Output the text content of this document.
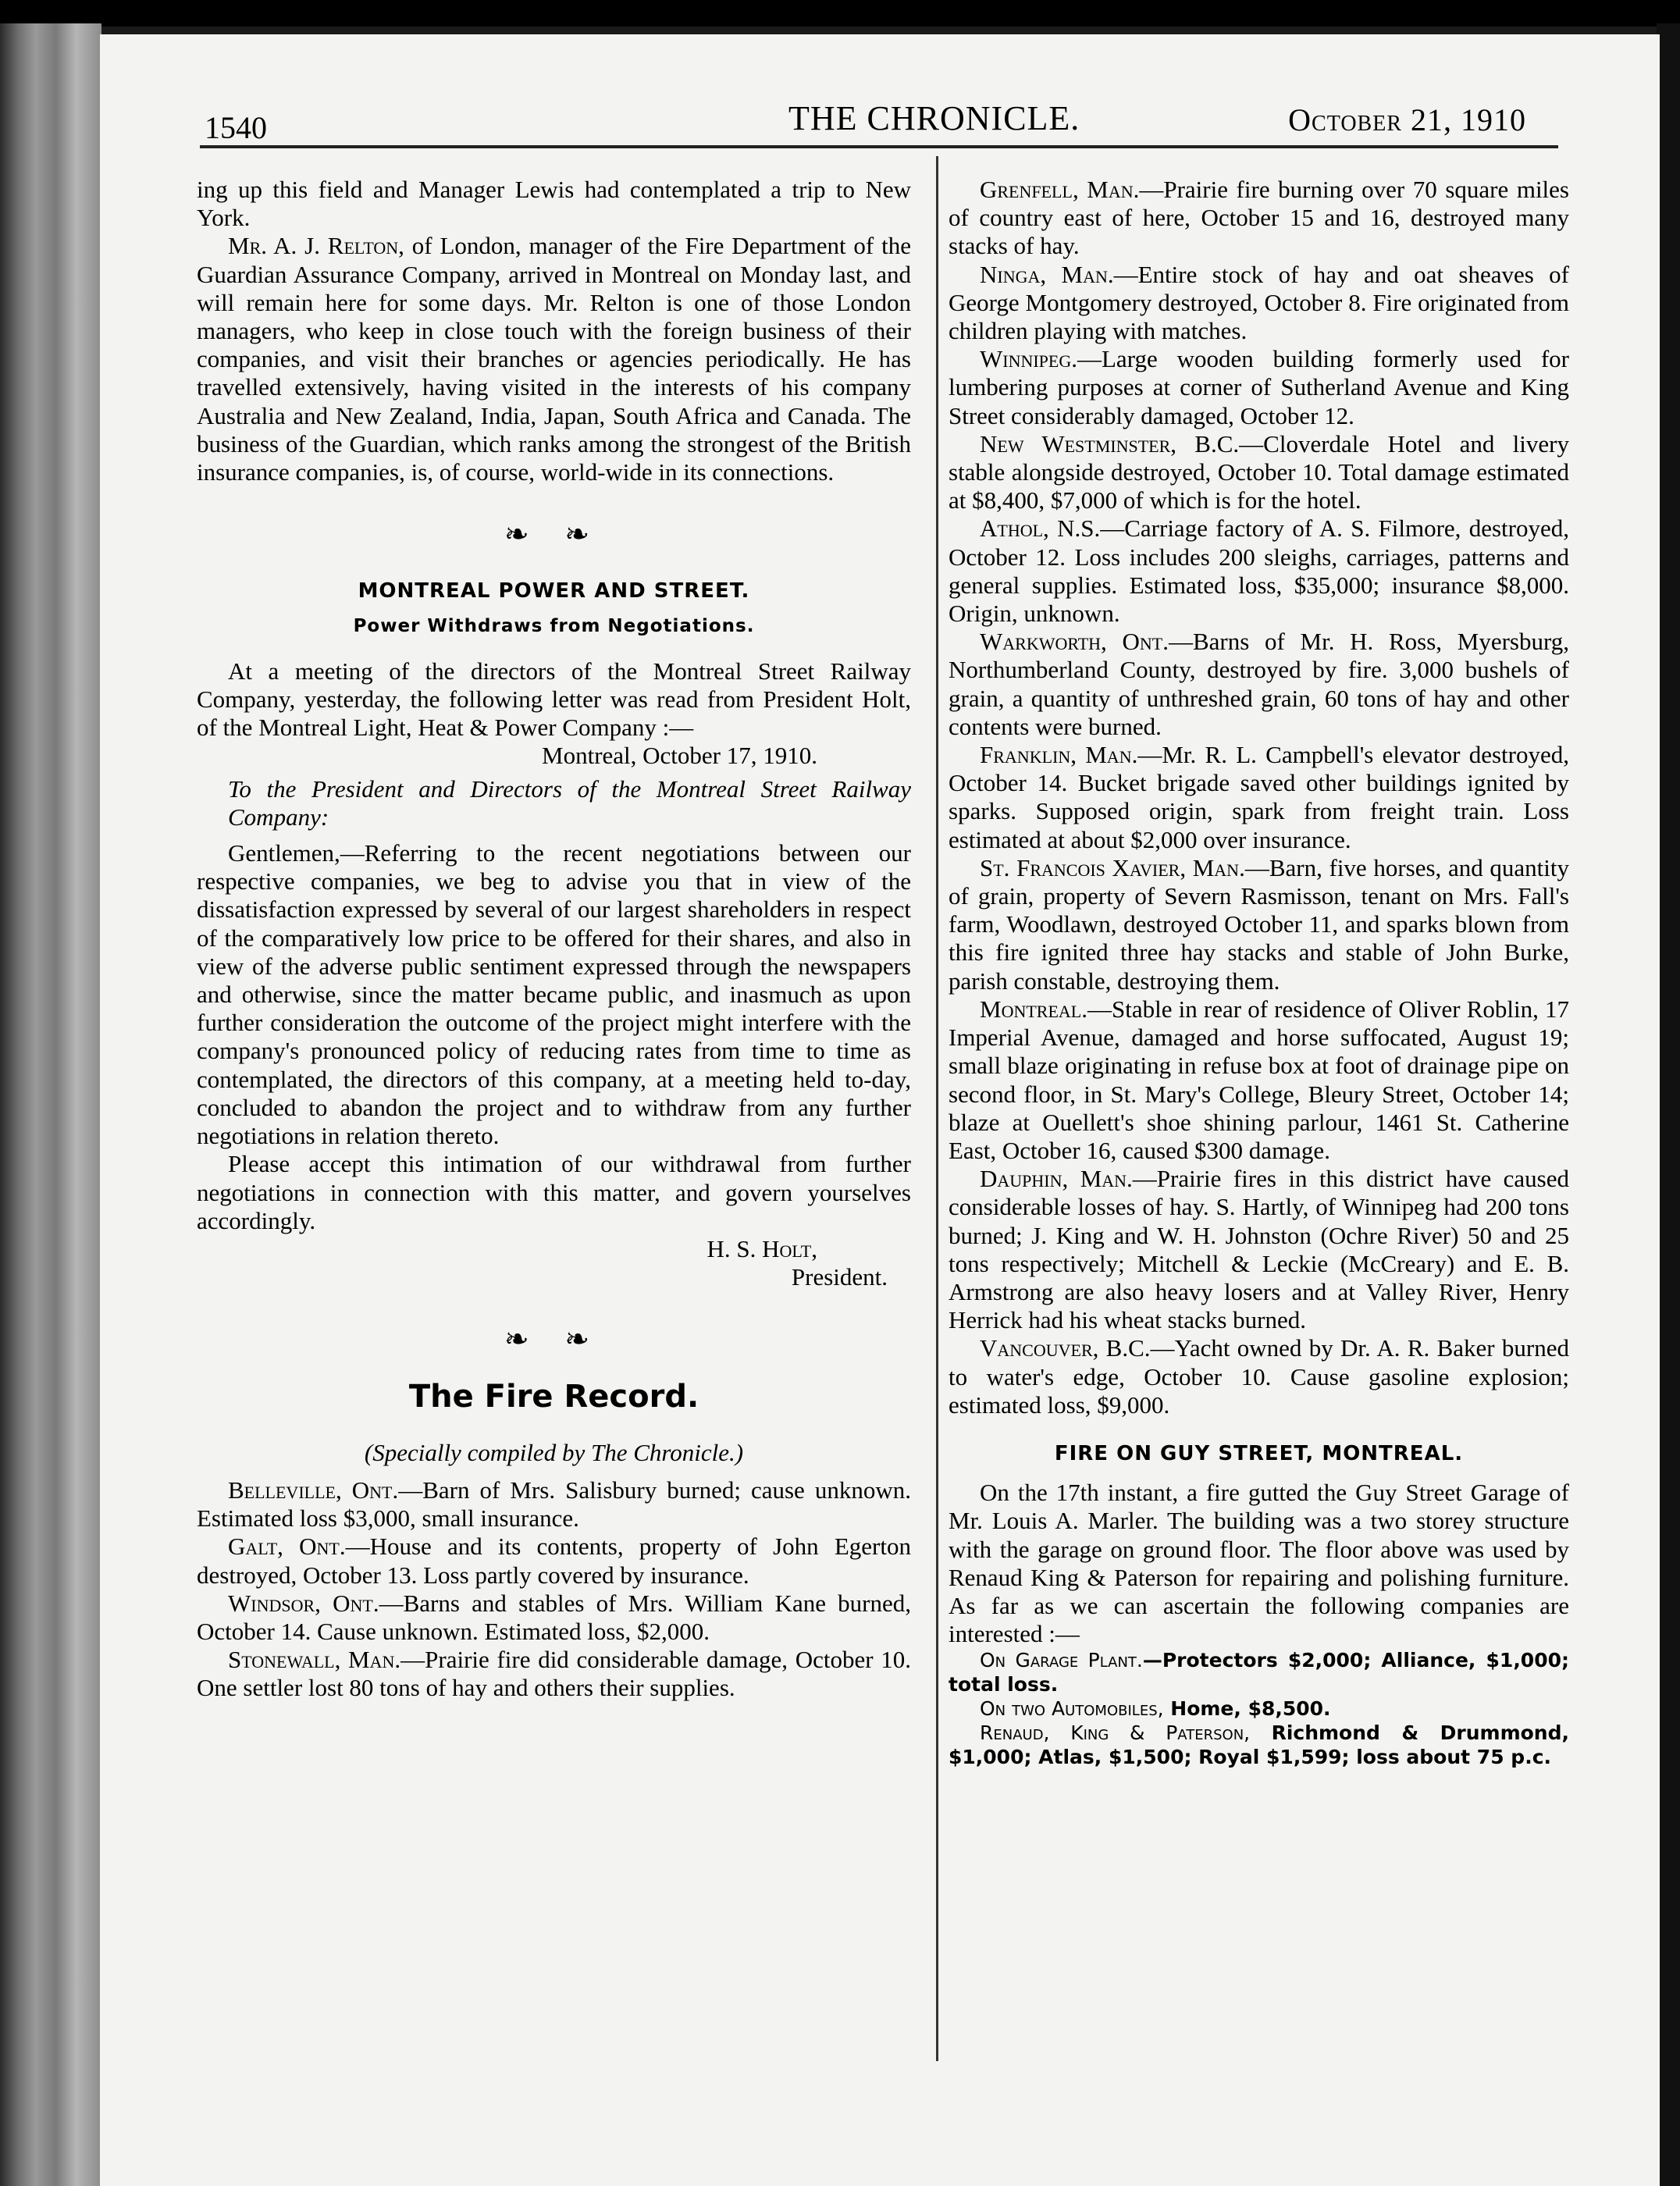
1540	THE CHRONICLE.	October 21, 1910

ing up this field and Manager Lewis had contemplated a trip to New York.

Mr. A. J. Relton, of London, manager of the Fire Department of the Guardian Assurance Company, arrived in Montreal on Monday last, and will remain here for some days. Mr. Relton is one of those London managers, who keep in close touch with the foreign business of their companies, and visit their branches or agencies periodically. He has travelled extensively, having visited in the interests of his company Australia and New Zealand, India, Japan, South Africa and Canada. The business of the Guardian, which ranks among the strongest of the British insurance companies, is, of course, world-wide in its connections.

❧ ❧
MONTREAL POWER AND STREET.
Power Withdraws from Negotiations.

At a meeting of the directors of the Montreal Street Railway Company, yesterday, the following letter was read from President Holt, of the Montreal Light, Heat & Power Company :—

Montreal, October 17, 1910.

To the President and Directors of the Montreal Street Railway Company:

Gentlemen,—Referring to the recent negotiations between our respective companies, we beg to advise you that in view of the dissatisfaction expressed by several of our largest shareholders in respect of the comparatively low price to be offered for their shares, and also in view of the adverse public sentiment expressed through the newspapers and otherwise, since the matter became public, and inasmuch as upon further consideration the outcome of the project might interfere with the company's pronounced policy of reducing rates from time to time as contemplated, the directors of this company, at a meeting held to-day, concluded to abandon the project and to withdraw from any further negotiations in relation thereto.

Please accept this intimation of our withdrawal from further negotiations in connection with this matter, and govern yourselves accordingly.

H. S. Holt,

President.

❧ ❧
The Fire Record.

(Specially compiled by The Chronicle.)

Belleville, Ont.—Barn of Mrs. Salisbury burned; cause unknown. Estimated loss $3,000, small insurance.

Galt, Ont.—House and its contents, property of John Egerton destroyed, October 13. Loss partly covered by insurance.

Windsor, Ont.—Barns and stables of Mrs. William Kane burned, October 14. Cause unknown. Estimated loss, $2,000.

Stonewall, Man.—Prairie fire did considerable damage, October 10. One settler lost 80 tons of hay and others their supplies.

Grenfell, Man.—Prairie fire burning over 70 square miles of country east of here, October 15 and 16, destroyed many stacks of hay.

Ninga, Man.—Entire stock of hay and oat sheaves of George Montgomery destroyed, October 8. Fire originated from children playing with matches.

Winnipeg.—Large wooden building formerly used for lumbering purposes at corner of Sutherland Avenue and King Street considerably damaged, October 12.

New Westminster, B.C.—Cloverdale Hotel and livery stable alongside destroyed, October 10. Total damage estimated at $8,400, $7,000 of which is for the hotel.

Athol, N.S.—Carriage factory of A. S. Filmore, destroyed, October 12. Loss includes 200 sleighs, carriages, patterns and general supplies. Estimated loss, $35,000; insurance $8,000. Origin, unknown.

Warkworth, Ont.—Barns of Mr. H. Ross, Myersburg, Northumberland County, destroyed by fire. 3,000 bushels of grain, a quantity of unthreshed grain, 60 tons of hay and other contents were burned.

Franklin, Man.—Mr. R. L. Campbell's elevator destroyed, October 14. Bucket brigade saved other buildings ignited by sparks. Supposed origin, spark from freight train. Loss estimated at about $2,000 over insurance.

St. Francois Xavier, Man.—Barn, five horses, and quantity of grain, property of Severn Rasmisson, tenant on Mrs. Fall's farm, Woodlawn, destroyed October 11, and sparks blown from this fire ignited three hay stacks and stable of John Burke, parish constable, destroying them.

Montreal.—Stable in rear of residence of Oliver Roblin, 17 Imperial Avenue, damaged and horse suffocated, August 19; small blaze originating in refuse box at foot of drainage pipe on second floor, in St. Mary's College, Bleury Street, October 14; blaze at Ouellett's shoe shining parlour, 1461 St. Catherine East, October 16, caused $300 damage.

Dauphin, Man.—Prairie fires in this district have caused considerable losses of hay. S. Hartly, of Winnipeg had 200 tons burned; J. King and W. H. Johnston (Ochre River) 50 and 25 tons respectively; Mitchell & Leckie (McCreary) and E. B. Armstrong are also heavy losers and at Valley River, Henry Herrick had his wheat stacks burned.

Vancouver, B.C.—Yacht owned by Dr. A. R. Baker burned to water's edge, October 10. Cause gasoline explosion; estimated loss, $9,000.

FIRE ON GUY STREET, MONTREAL.

On the 17th instant, a fire gutted the Guy Street Garage of Mr. Louis A. Marler. The building was a two storey structure with the garage on ground floor. The floor above was used by Renaud King & Paterson for repairing and polishing furniture. As far as we can ascertain the following companies are interested :—

On Garage Plant.—Protectors $2,000; Alliance, $1,000; total loss.

On two Automobiles, Home, $8,500.

Renaud, King & Paterson, Richmond & Drummond, $1,000; Atlas, $1,500; Royal $1,599; loss about 75 p.c.
